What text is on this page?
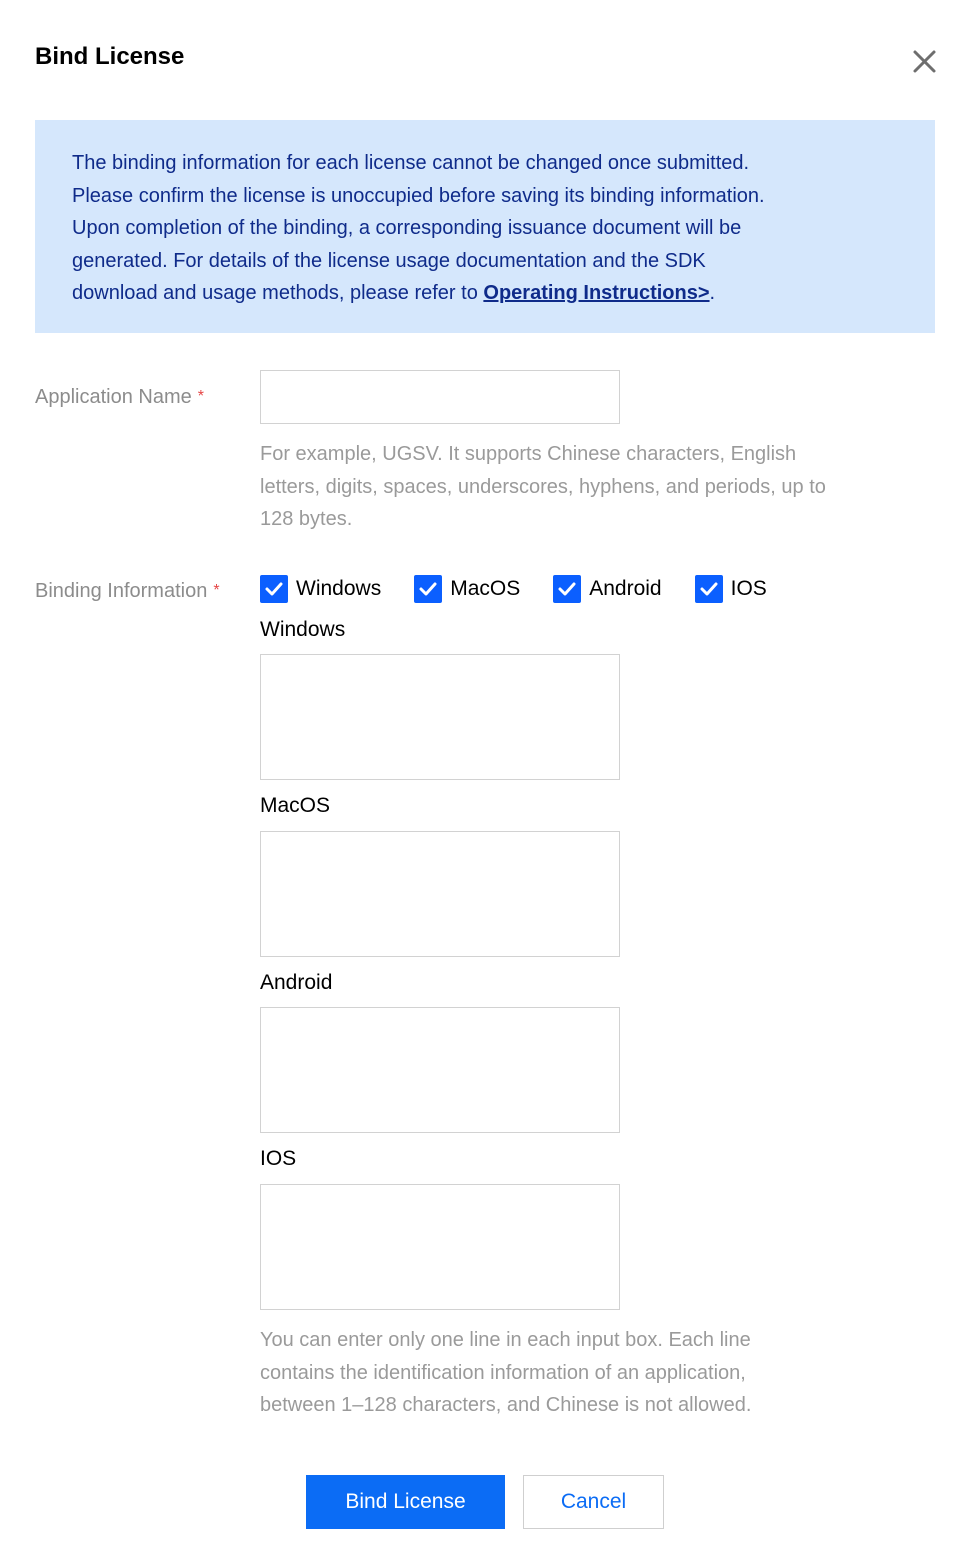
Bind License
The binding information for each license cannot be changed once submitted.
Please confirm the license is unoccupied before saving its binding information.
Upon completion of the binding, a corresponding issuance document will be
generated. For details of the license usage documentation and the SDK
download and usage methods, please refer to Operating Instructions>.
Application Name *
For example, UGSV. It supports Chinese characters, English
letters, digits, spaces, underscores, hyphens, and periods, up to
128 bytes.
Binding Information *	Windows	MacOS	Android	IOS
Windows
MacOS
Android
IOS
You can enter only one line in each input box. Each line
contains the identification information of an application,
between 1–128 characters, and Chinese is not allowed.
Bind License	Cancel
